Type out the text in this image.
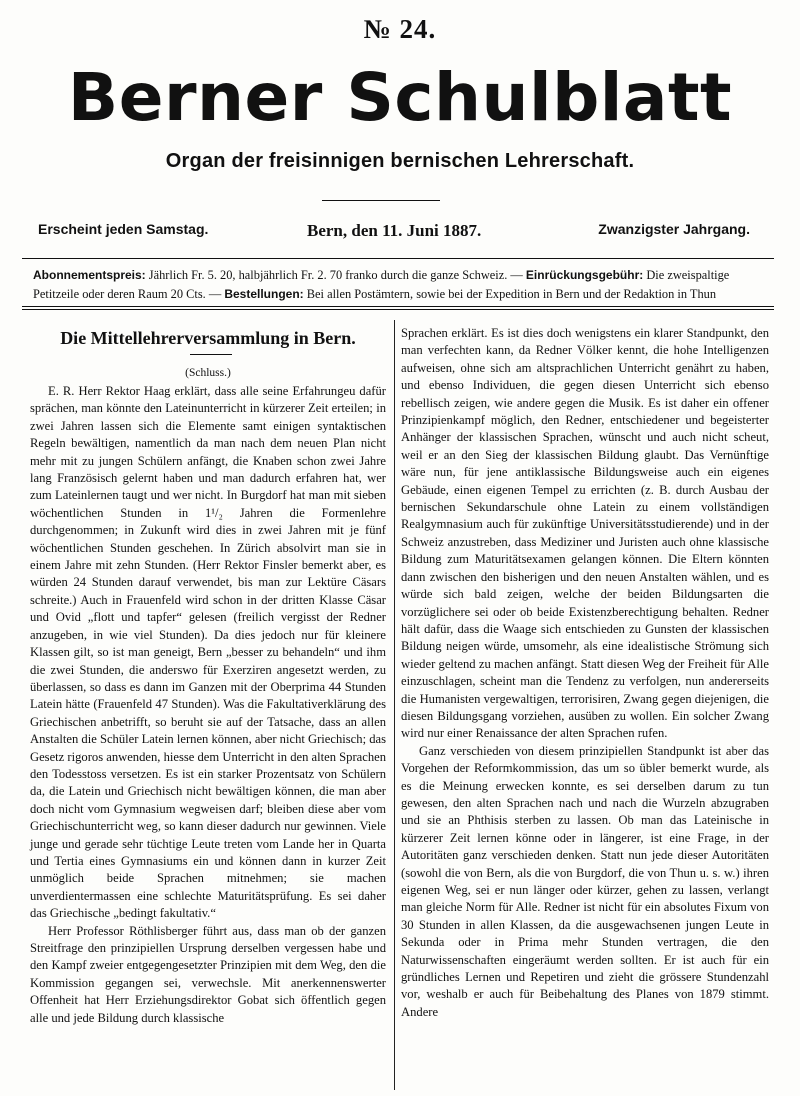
№ 24.
Berner Schulblatt
Organ der freisinnigen bernischen Lehrerschaft.
Erscheint jeden Samstag.	Bern, den 11. Juni 1887.	Zwanzigster Jahrgang.
Abonnementspreis: Jährlich Fr. 5. 20, halbjährlich Fr. 2. 70 franko durch die ganze Schweiz. — Einrückungsgebühr: Die zweispaltige
Petitzeile oder deren Raum 20 Cts. — Bestellungen: Bei allen Postämtern, sowie bei der Expedition in Bern und der Redaktion in Thun
Die Mittellehrerversammlung in Bern.
(Schluss.)

E. R. Herr Rektor Haag erklärt, dass alle seine Erfahrungeu dafür sprächen, man könnte den Lateinunterricht in kürzerer Zeit erteilen; in zwei Jahren lassen sich die Elemente samt einigen syntaktischen Regeln bewältigen, namentlich da man nach dem neuen Plan nicht mehr mit zu jungen Schülern anfängt, die Knaben schon zwei Jahre lang Französisch gelernt haben und man dadurch erfahren hat, wer zum Lateinlernen taugt und wer nicht. In Burgdorf hat man mit sieben wöchentlichen Stunden in 1¹/₂ Jahren die Formenlehre durchgenommen; in Zukunft wird dies in zwei Jahren mit je fünf wöchentlichen Stunden geschehen. In Zürich absolvirt man sie in einem Jahre mit zehn Stunden. (Herr Rektor Finsler bemerkt aber, es würden 24 Stunden darauf verwendet, bis man zur Lektüre Cäsars schreite.) Auch in Frauenfeld wird schon in der dritten Klasse Cäsar und Ovid „flott und tapfer“ gelesen (freilich vergisst der Redner anzugeben, in wie viel Stunden). Da dies jedoch nur für kleinere Klassen gilt, so ist man geneigt, Bern „besser zu behandeln“ und ihm die zwei Stunden, die anderswo für Exerziren angesetzt werden, zu überlassen, so dass es dann im Ganzen mit der Oberprima 44 Stunden Latein hätte (Frauenfeld 47 Stunden). Was die Fakultativerklärung des Griechischen anbetrifft, so beruht sie auf der Tatsache, dass an allen Anstalten die Schüler Latein lernen können, aber nicht Griechisch; das Gesetz rigoros anwenden, hiesse dem Unterricht in den alten Sprachen den Todesstoss versetzen. Es ist ein starker Prozentsatz von Schülern da, die Latein und Griechisch nicht bewältigen können, die man aber doch nicht vom Gymnasium wegweisen darf; bleiben diese aber vom Griechischunterricht weg, so kann dieser dadurch nur gewinnen. Viele junge und gerade sehr tüchtige Leute treten vom Lande her in Quarta und Tertia eines Gymnasiums ein und können dann in kurzer Zeit unmöglich beide Sprachen mitnehmen; sie machen unverdientermassen eine schlechte Maturitätsprüfung. Es sei daher das Griechische „bedingt fakultativ.“

Herr Professor Röthlisberger führt aus, dass man ob der ganzen Streitfrage den prinzipiellen Ursprung derselben vergessen habe und den Kampf zweier entgegengesetzter Prinzipien mit dem Weg, den die Kommission gegangen sei, verwechsle. Mit anerkennenswerter Offenheit hat Herr Erziehungsdirektor Gobat sich öffentlich gegen alle und jede Bildung durch klassische

Sprachen erklärt. Es ist dies doch wenigstens ein klarer Standpunkt, den man verfechten kann, da Redner Völker kennt, die hohe Intelligenzen aufweisen, ohne sich am altsprachlichen Unterricht genährt zu haben, und ebenso Individuen, die gegen diesen Unterricht sich ebenso rebellisch zeigen, wie andere gegen die Musik. Es ist daher ein offener Prinzipienkampf möglich, den Redner, entschiedener und begeisterter Anhänger der klassischen Sprachen, wünscht und auch nicht scheut, weil er an den Sieg der klassischen Bildung glaubt. Das Vernünftige wäre nun, für jene antiklassische Bildungsweise auch ein eigenes Gebäude, einen eigenen Tempel zu errichten (z. B. durch Ausbau der bernischen Sekundarschule ohne Latein zu einem vollständigen Realgymnasium auch für zukünftige Universitätsstudierende) und in der Schweiz anzustreben, dass Mediziner und Juristen auch ohne klassische Bildung zum Maturitätsexamen gelangen können. Die Eltern könnten dann zwischen den bisherigen und den neuen Anstalten wählen, und es würde sich bald zeigen, welche der beiden Bildungsarten die vorzüglichere sei oder ob beide Existenzberechtigung behalten. Redner hält dafür, dass die Waage sich entschieden zu Gunsten der klassischen Bildung neigen würde, umsomehr, als eine idealistische Strömung sich wieder geltend zu machen anfängt. Statt diesen Weg der Freiheit für Alle einzuschlagen, scheint man die Tendenz zu verfolgen, nun andererseits die Humanisten vergewaltigen, terrorisiren, Zwang gegen diejenigen, die diesen Bildungsgang vorziehen, ausüben zu wollen. Ein solcher Zwang wird nur einer Renaissance der alten Sprachen rufen.

Ganz verschieden von diesem prinzipiellen Standpunkt ist aber das Vorgehen der Reformkommission, das um so übler bemerkt wurde, als es die Meinung erwecken konnte, es sei derselben darum zu tun gewesen, den alten Sprachen nach und nach die Wurzeln abzugraben und sie an Phthisis sterben zu lassen. Ob man das Lateinische in kürzerer Zeit lernen könne oder in längerer, ist eine Frage, in der Autoritäten ganz verschieden denken. Statt nun jede dieser Autoritäten (sowohl die von Bern, als die von Burgdorf, die von Thun u. s. w.) ihren eigenen Weg, sei er nun länger oder kürzer, gehen zu lassen, verlangt man gleiche Norm für Alle. Redner ist nicht für ein absolutes Fixum von 30 Stunden in allen Klassen, da die ausgewachsenen jungen Leute in Sekunda oder in Prima mehr Stunden vertragen, die den Naturwissenschaften eingeräumt werden sollten. Er ist auch für ein gründliches Lernen und Repetiren und zieht die grössere Stundenzahl vor, weshalb er auch für Beibehaltung des Planes von 1879 stimmt. Andere
